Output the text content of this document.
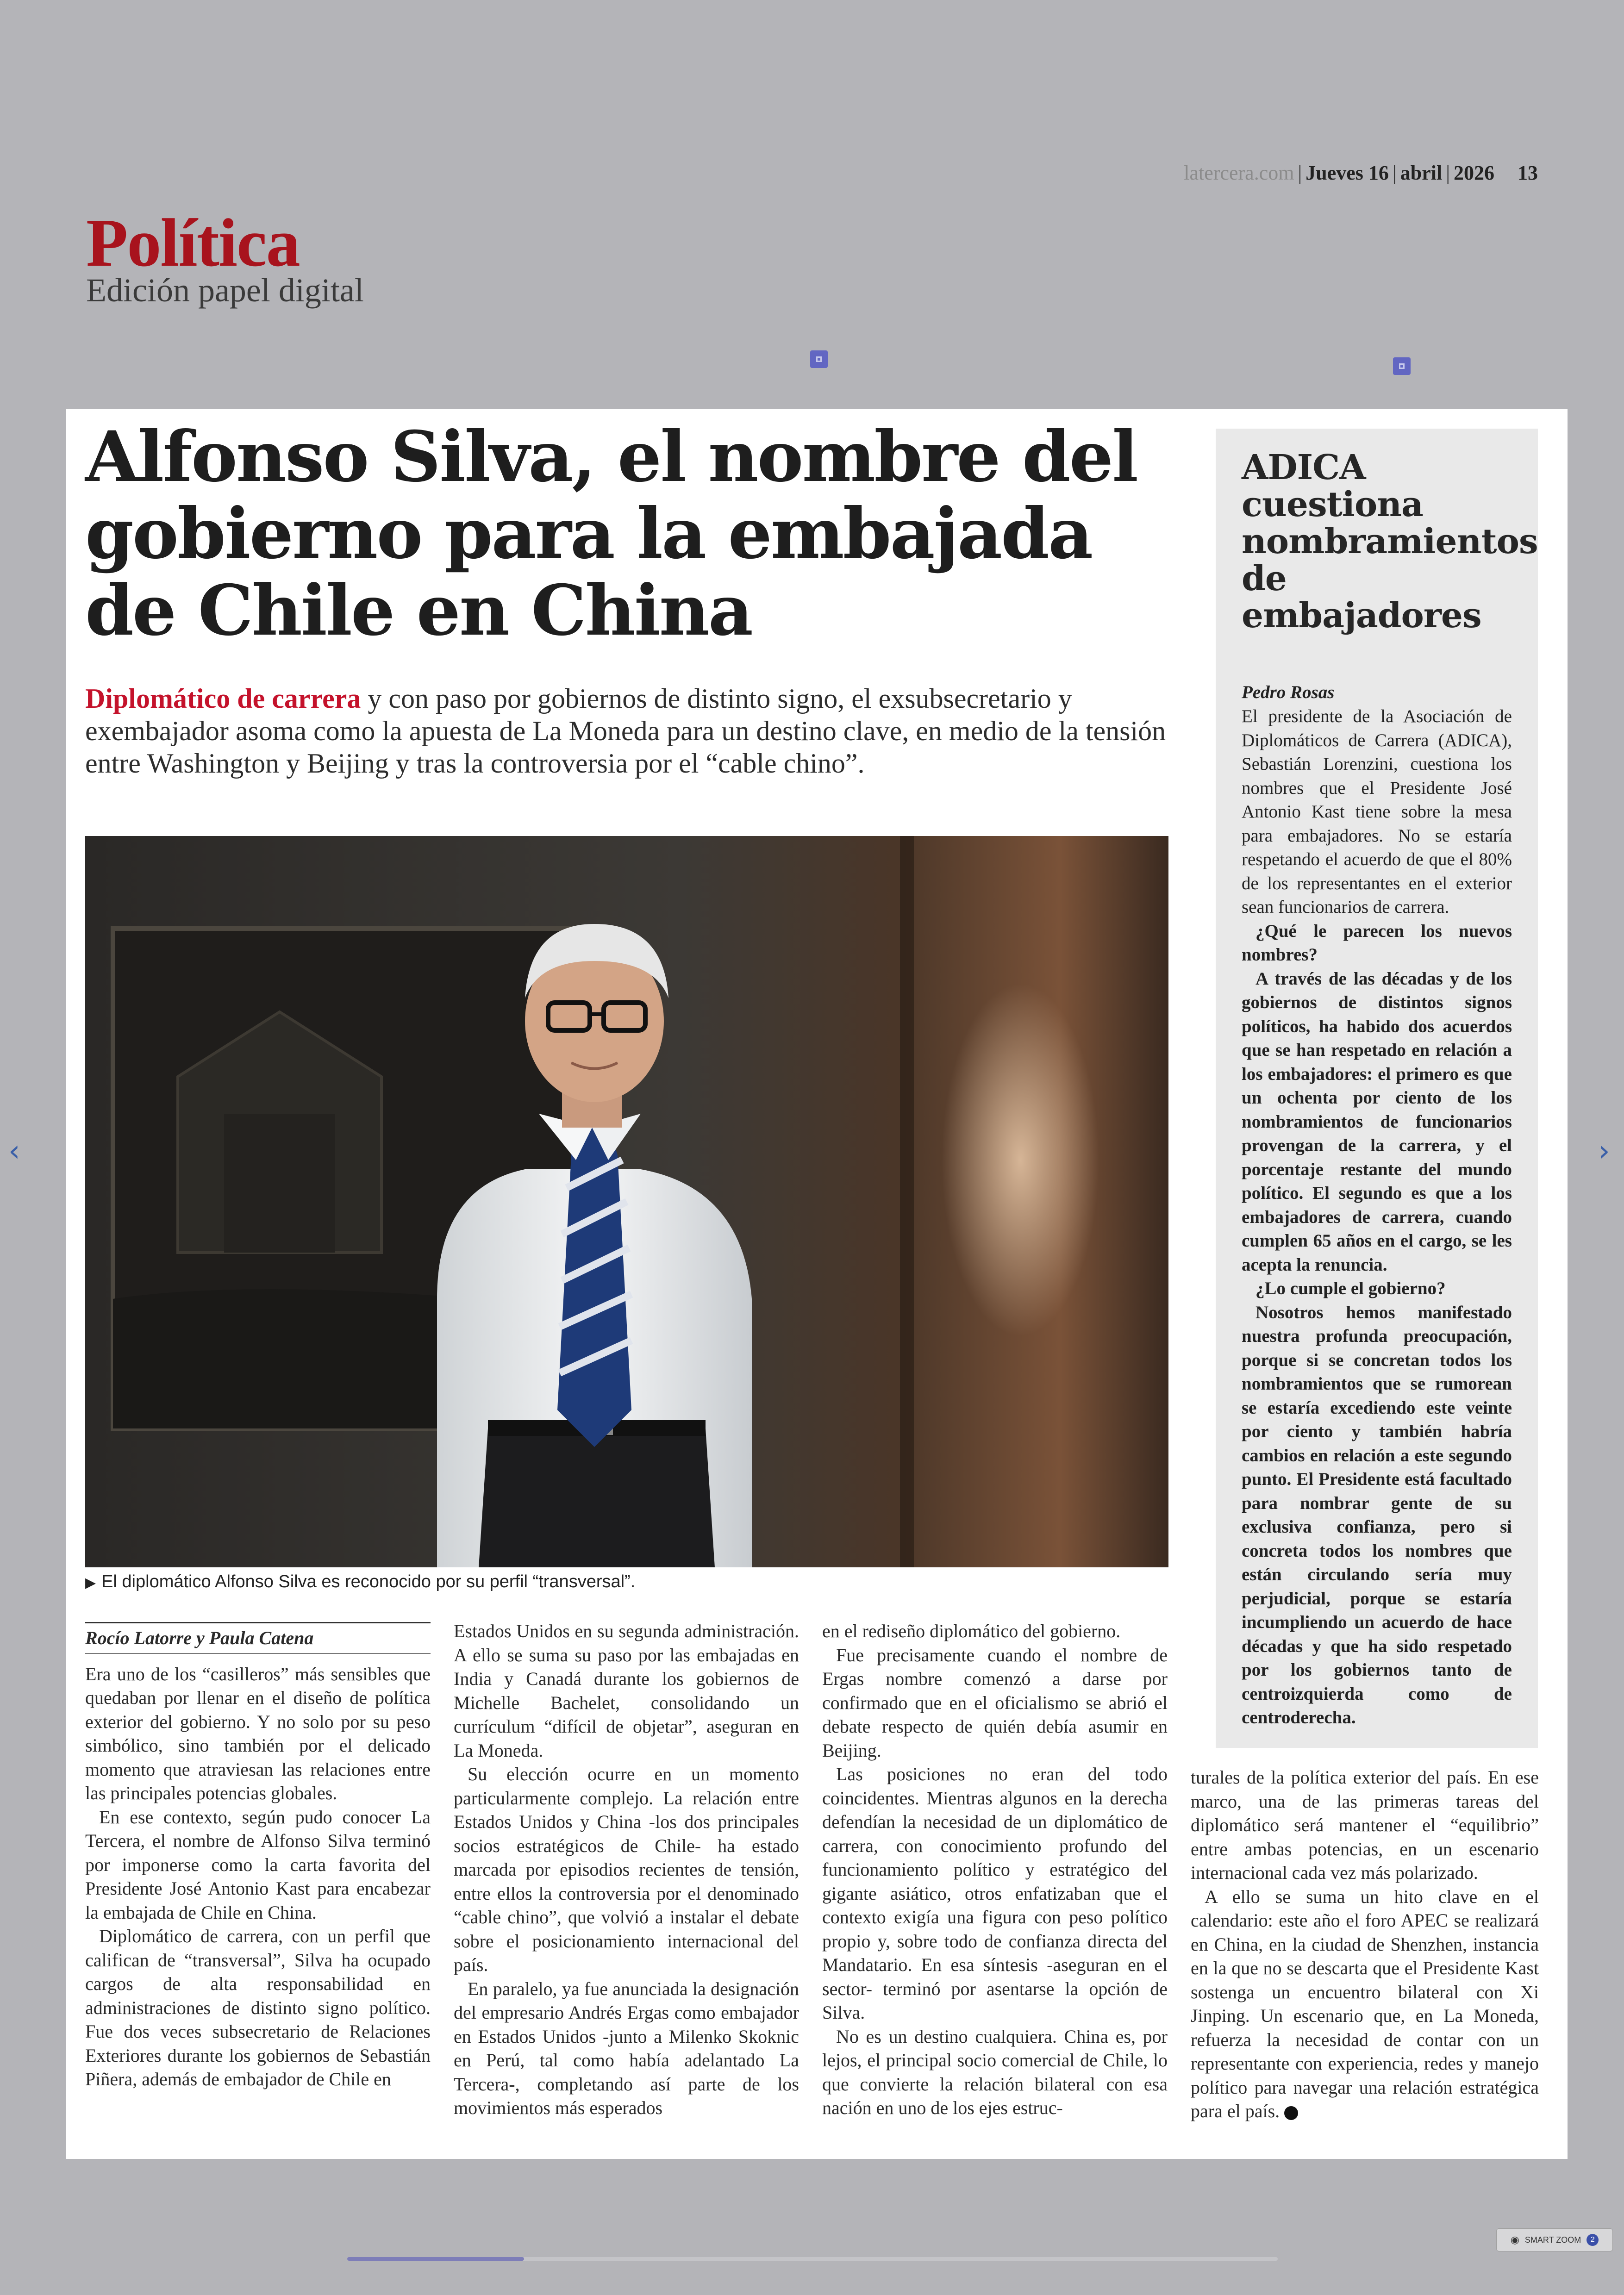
latercera.com | Jueves 16 | abril | 2026 13
Política
Edición papel digital
‹	›
Alfonso Silva, el nombre del gobierno para la embajada de Chile en China

Diplomático de carrera y con paso por gobiernos de distinto signo, el exsubsecretario y exembajador asoma como la apuesta de La Moneda para un destino clave, en medio de la tensión entre Washington y Beijing y tras la controversia por el “cable chino”.

▶ El diplomático Alfonso Silva es reconocido por su perfil “transversal”.
ADICA cuestiona nombramientos de embajadores
Pedro Rosas

El presidente de la Asociación de Diplomáticos de Carrera (ADICA), Sebastián Lorenzini, cuestiona los nombres que el Presidente José Antonio Kast tiene sobre la mesa para embajadores. No se estaría respetando el acuerdo de que el 80% de los representantes en el exterior sean funcionarios de carrera.

¿Qué le parecen los nuevos nombres?

A través de las décadas y de los gobiernos de distintos signos políticos, ha habido dos acuerdos que se han respetado en relación a los embajadores: el primero es que un ochenta por ciento de los nombramientos de funcionarios provengan de la carrera, y el porcentaje restante del mundo político. El segundo es que a los embajadores de carrera, cuando cumplen 65 años en el cargo, se les acepta la renuncia.

¿Lo cumple el gobierno?

Nosotros hemos manifestado nuestra profunda preocupación, porque si se concretan todos los nombramientos que se rumorean se estaría excediendo este veinte por ciento y también habría cambios en relación a este segundo punto. El Presidente está facultado para nombrar gente de su exclusiva confianza, pero si concreta todos los nombres que están circulando sería muy perjudicial, porque se estaría incumpliendo un acuerdo de hace décadas y que ha sido respetado por los gobiernos tanto de centroizquierda como de centroderecha.

Rocío Latorre y Paula Catena

Era uno de los “casilleros” más sensibles que quedaban por llenar en el diseño de política exterior del gobierno. Y no solo por su peso simbólico, sino también por el delicado momento que atraviesan las relaciones entre las principales potencias globales.

En ese contexto, según pudo conocer La Tercera, el nombre de Alfonso Silva terminó por imponerse como la carta favorita del Presidente José Antonio Kast para encabezar la embajada de Chile en China.

Diplomático de carrera, con un perfil que califican de “transversal”, Silva ha ocupado cargos de alta responsabilidad en administraciones de distinto signo político. Fue dos veces subsecretario de Relaciones Exteriores durante los gobiernos de Sebastián Piñera, además de embajador de Chile en

Estados Unidos en su segunda administración. A ello se suma su paso por las embajadas en India y Canadá durante los gobiernos de Michelle Bachelet, consolidando un currículum “difícil de objetar”, aseguran en La Moneda.

Su elección ocurre en un momento particularmente complejo. La relación entre Estados Unidos y China -los dos principales socios estratégicos de Chile- ha estado marcada por episodios recientes de tensión, entre ellos la controversia por el denominado “cable chino”, que volvió a instalar el debate sobre el posicionamiento internacional del país.

En paralelo, ya fue anunciada la designación del empresario Andrés Ergas como embajador en Estados Unidos -junto a Milenko Skoknic en Perú, tal como había adelantado La Tercera-, completando así parte de los movimientos más esperados

en el rediseño diplomático del gobierno.

Fue precisamente cuando el nombre de Ergas nombre comenzó a darse por confirmado que en el oficialismo se abrió el debate respecto de quién debía asumir en Beijing.

Las posiciones no eran del todo coincidentes. Mientras algunos en la derecha defendían la necesidad de un diplomático de carrera, con conocimiento profundo del funcionamiento político y estratégico del gigante asiático, otros enfatizaban que el contexto exigía una figura con peso político propio y, sobre todo de confianza directa del Mandatario. En esa síntesis -aseguran en el sector- terminó por asentarse la opción de Silva.

No es un destino cualquiera. China es, por lejos, el principal socio comercial de Chile, lo que convierte la relación bilateral con esa nación en uno de los ejes estruc-

turales de la política exterior del país. En ese marco, una de las primeras tareas del diplomático será mantener el “equilibrio” entre ambas potencias, en un escenario internacional cada vez más polarizado.

A ello se suma un hito clave en el calendario: este año el foro APEC se realizará en China, en la ciudad de Shenzhen, instancia en la que no se descarta que el Presidente Kast sostenga un encuentro bilateral con Xi Jinping. Un escenario que, en La Moneda, refuerza la necesidad de contar con un representante con experiencia, redes y manejo político para navegar una relación estratégica para el país.

◉ SMART ZOOM	2
